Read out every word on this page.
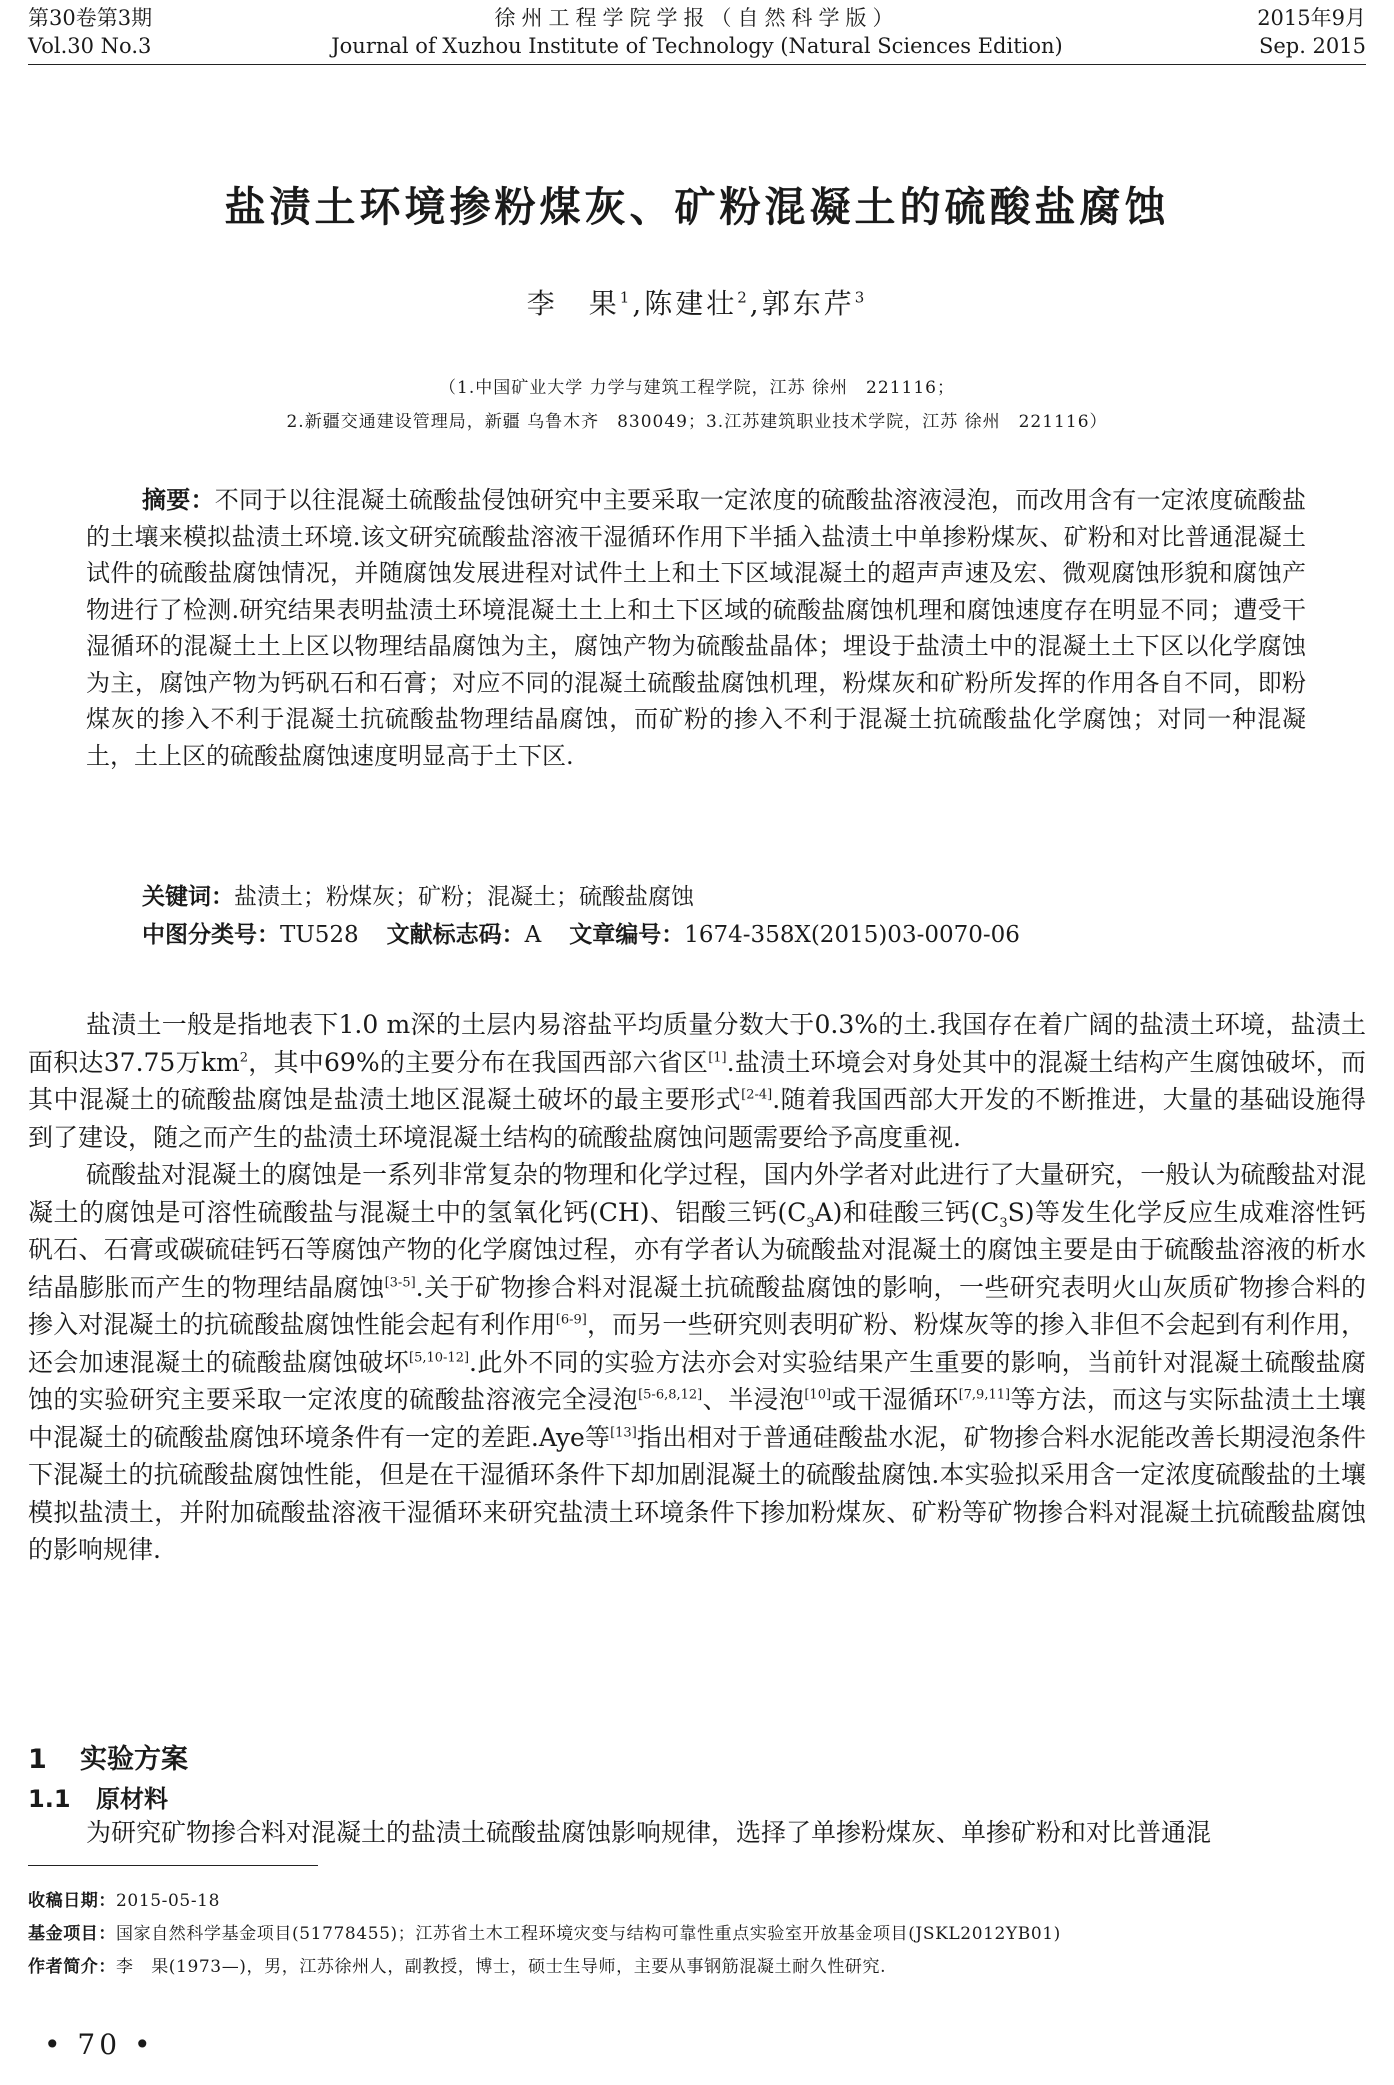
第30卷第3期
Vol.30 No.3
徐州工程学院学报（自然科学版）
Journal of Xuzhou Institute of Technology (Natural Sciences Edition)
2015年9月
Sep. 2015
盐渍土环境掺粉煤灰、矿粉混凝土的硫酸盐腐蚀
李　果$^1$,陈建壮$^2$,郭东芹$^3$
（1.中国矿业大学 力学与建筑工程学院，江苏 徐州　221116；
2.新疆交通建设管理局，新疆 乌鲁木齐　830049；3.江苏建筑职业技术学院，江苏 徐州　221116）
摘要：不同于以往混凝土硫酸盐侵蚀研究中主要采取一定浓度的硫酸盐溶液浸泡，而改用含有一定浓度硫酸盐的土壤来模拟盐渍土环境.该文研究硫酸盐溶液干湿循环作用下半插入盐渍土中单掺粉煤灰、矿粉和对比普通混凝土试件的硫酸盐腐蚀情况，并随腐蚀发展进程对试件土上和土下区域混凝土的超声声速及宏、微观腐蚀形貌和腐蚀产物进行了检测.研究结果表明盐渍土环境混凝土土上和土下区域的硫酸盐腐蚀机理和腐蚀速度存在明显不同；遭受干湿循环的混凝土土上区以物理结晶腐蚀为主，腐蚀产物为硫酸盐晶体；埋设于盐渍土中的混凝土土下区以化学腐蚀为主，腐蚀产物为钙矾石和石膏；对应不同的混凝土硫酸盐腐蚀机理，粉煤灰和矿粉所发挥的作用各自不同，即粉煤灰的掺入不利于混凝土抗硫酸盐物理结晶腐蚀，而矿粉的掺入不利于混凝土抗硫酸盐化学腐蚀；对同一种混凝土，土上区的硫酸盐腐蚀速度明显高于土下区.
关键词：盐渍土；粉煤灰；矿粉；混凝土；硫酸盐腐蚀
中图分类号：TU528 文献标志码：A 文章编号：1674-358X(2015)03-0070-06

盐渍土一般是指地表下1.0 m深的土层内易溶盐平均质量分数大于0.3%的土.我国存在着广阔的盐渍土环境，盐渍土面积达37.75万$km^2$，其中69%的主要分布在我国西部六省区[1].盐渍土环境会对身处其中的混凝土结构产生腐蚀破坏，而其中混凝土的硫酸盐腐蚀是盐渍土地区混凝土破坏的最主要形式[2-4].随着我国西部大开发的不断推进，大量的基础设施得到了建设，随之而产生的盐渍土环境混凝土结构的硫酸盐腐蚀问题需要给予高度重视.

硫酸盐对混凝土的腐蚀是一系列非常复杂的物理和化学过程，国内外学者对此进行了大量研究，一般认为硫酸盐对混凝土的腐蚀是可溶性硫酸盐与混凝土中的氢氧化钙(CH)、铝酸三钙$(C_3A)$和硅酸三钙$(C_3S)$等发生化学反应生成难溶性钙矾石、石膏或碳硫硅钙石等腐蚀产物的化学腐蚀过程，亦有学者认为硫酸盐对混凝土的腐蚀主要是由于硫酸盐溶液的析水结晶膨胀而产生的物理结晶腐蚀[3-5].关于矿物掺合料对混凝土抗硫酸盐腐蚀的影响，一些研究表明火山灰质矿物掺合料的掺入对混凝土的抗硫酸盐腐蚀性能会起有利作用[6-9]，而另一些研究则表明矿粉、粉煤灰等的掺入非但不会起到有利作用，还会加速混凝土的硫酸盐腐蚀破坏[5,10-12].此外不同的实验方法亦会对实验结果产生重要的影响，当前针对混凝土硫酸盐腐蚀的实验研究主要采取一定浓度的硫酸盐溶液完全浸泡[5-6,8,12]、半浸泡[10]或干湿循环[7,9,11]等方法，而这与实际盐渍土土壤中混凝土的硫酸盐腐蚀环境条件有一定的差距.Aye等[13]指出相对于普通硅酸盐水泥，矿物掺合料水泥能改善长期浸泡条件下混凝土的抗硫酸盐腐蚀性能，但是在干湿循环条件下却加剧混凝土的硫酸盐腐蚀.本实验拟采用含一定浓度硫酸盐的土壤模拟盐渍土，并附加硫酸盐溶液干湿循环来研究盐渍土环境条件下掺加粉煤灰、矿粉等矿物掺合料对混凝土抗硫酸盐腐蚀的影响规律.

1 实验方案
1.1 原材料
为研究矿物掺合料对混凝土的盐渍土硫酸盐腐蚀影响规律，选择了单掺粉煤灰、单掺矿粉和对比普通混
收稿日期：2015-05-18
基金项目：国家自然科学基金项目(51778455)；江苏省土木工程环境灾变与结构可靠性重点实验室开放基金项目(JSKL2012YB01)
作者简介：李　果(1973—)，男，江苏徐州人，副教授，博士，硕士生导师，主要从事钢筋混凝土耐久性研究.
• 70 •
